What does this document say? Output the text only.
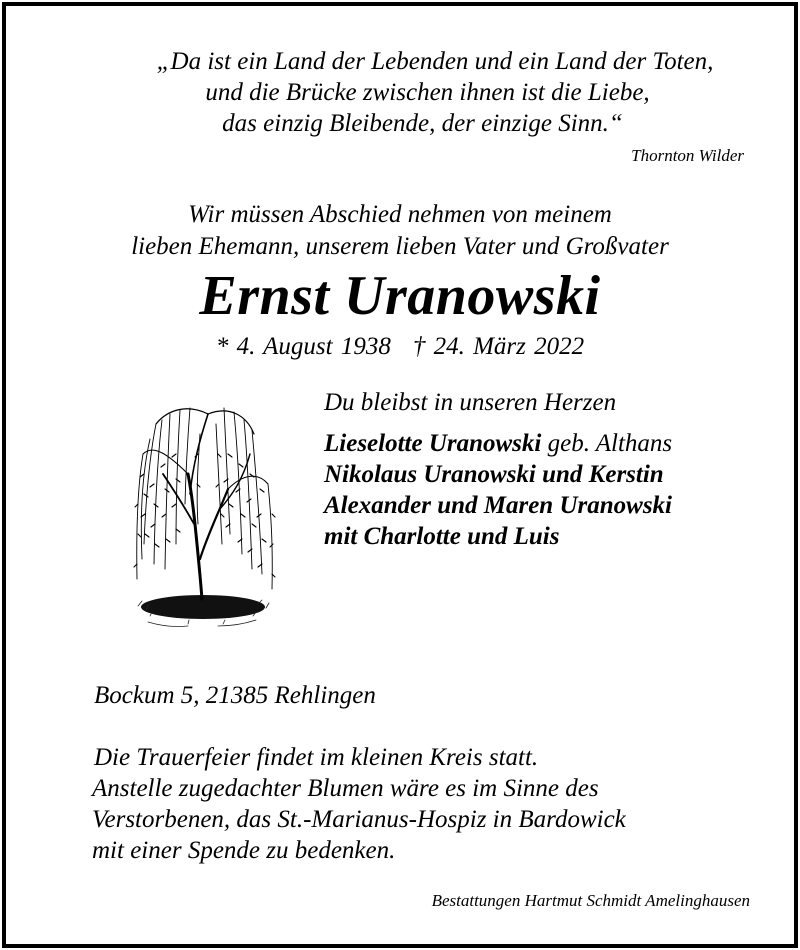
„Da ist ein Land der Lebenden und ein Land der Toten,
und die Brücke zwischen ihnen ist die Liebe,
das einzig Bleibende, der einzige Sinn.“
Thornton Wilder
Wir müssen Abschied nehmen von meinem
lieben Ehemann, unserem lieben Vater und Großvater
Ernst Uranowski
* 4. August 1938 † 24. März 2022
Du bleibst in unseren Herzen
Lieselotte Uranowski geb. Althans
Nikolaus Uranowski und Kerstin
Alexander und Maren Uranowski
mit Charlotte und Luis
Bockum 5, 21385 Rehlingen
Die Trauerfeier findet im kleinen Kreis statt.
Anstelle zugedachter Blumen wäre es im Sinne des
Verstorbenen, das St.-Marianus-Hospiz in Bardowick
mit einer Spende zu bedenken.
Bestattungen Hartmut Schmidt Amelinghausen
